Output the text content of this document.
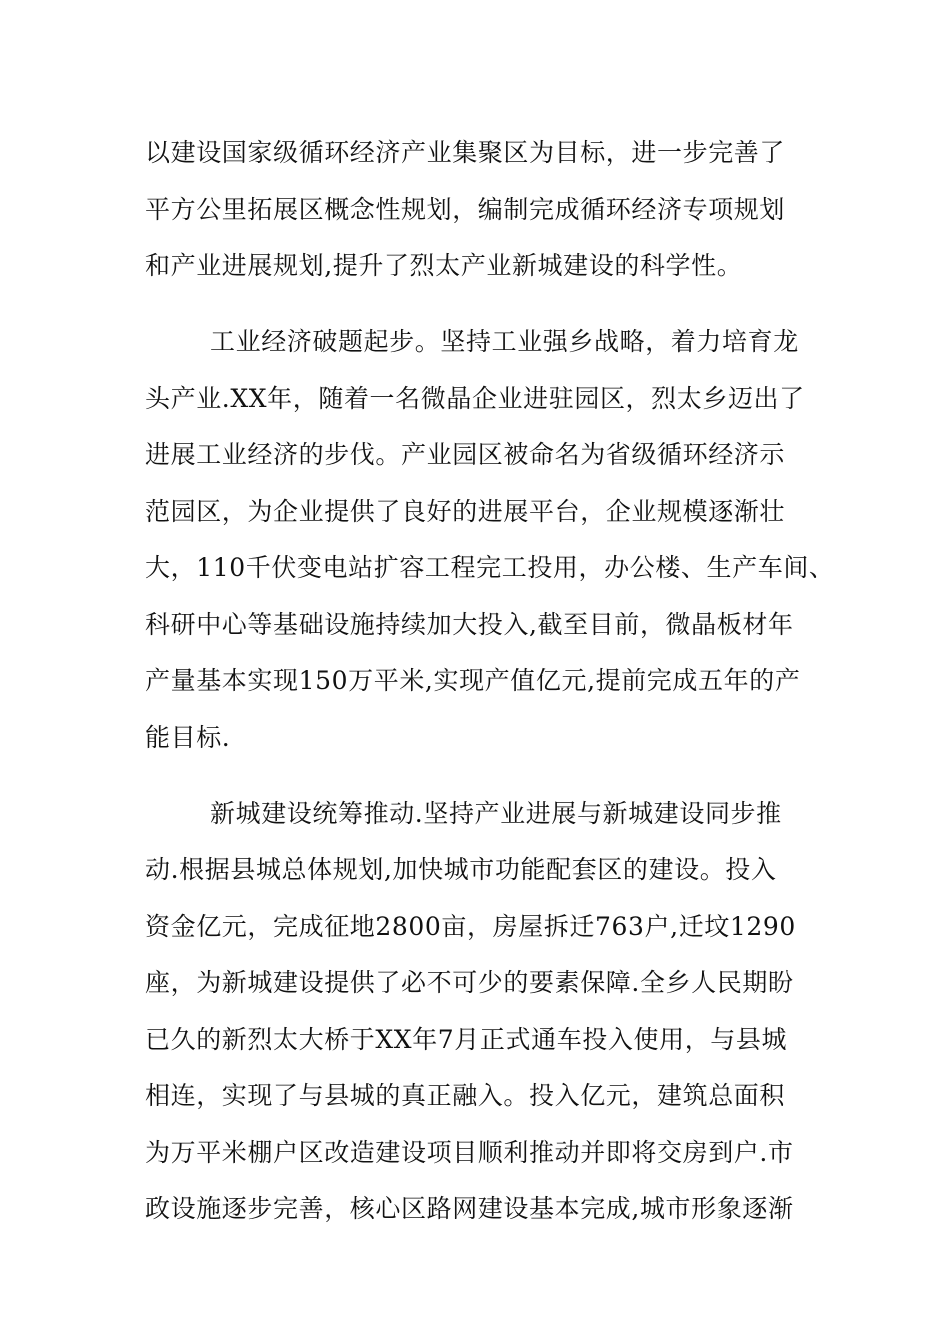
以建设国家级循环经济产业集聚区为目标，进一步完善了
平方公里拓展区概念性规划，编制完成循环经济专项规划
和产业进展规划,提升了烈太产业新城建设的科学性。
工业经济破题起步。坚持工业强乡战略，着力培育龙
头产业.XX年，随着一名微晶企业进驻园区，烈太乡迈出了
进展工业经济的步伐。产业园区被命名为省级循环经济示
范园区，为企业提供了良好的进展平台，企业规模逐渐壮
大，110千伏变电站扩容工程完工投用，办公楼、生产车间、
科研中心等基础设施持续加大投入,截至目前，微晶板材年
产量基本实现150万平米,实现产值亿元,提前完成五年的产
能目标.
新城建设统筹推动.坚持产业进展与新城建设同步推
动.根据县城总体规划,加快城市功能配套区的建设。投入
资金亿元，完成征地2800亩，房屋拆迁763户,迁坟1290
座，为新城建设提供了必不可少的要素保障.全乡人民期盼
已久的新烈太大桥于XX年7月正式通车投入使用，与县城
相连，实现了与县城的真正融入。投入亿元，建筑总面积
为万平米棚户区改造建设项目顺利推动并即将交房到户.市
政设施逐步完善，核心区路网建设基本完成,城市形象逐渐
